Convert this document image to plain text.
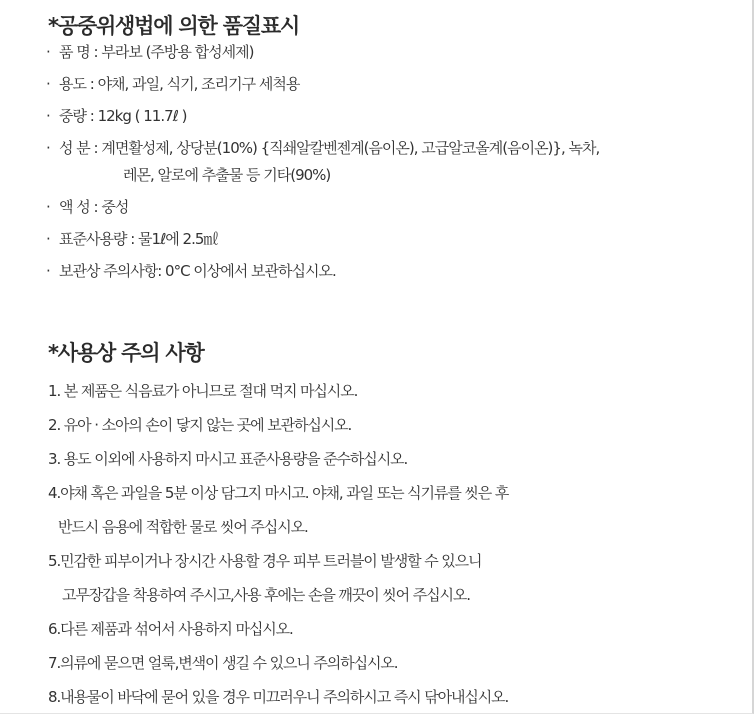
*공중위생법에 의한 품질표시
· 품 명 : 부라보 (주방용 합성세제)
· 용도 : 야채, 과일, 식기, 조리기구 세척용
· 중량 : 12kg ( 11.7ℓ )
· 성 분 : 계면활성제, 상당분(10%) {직쇄알칼벤젠계(음이온), 고급알코올계(음이온)}, 녹차,
레몬, 알로에 추출물 등 기타(90%)
· 액 성 : 중성
· 표준사용량 : 물1ℓ에 2.5㎖
· 보관상 주의사항: 0°C 이상에서 보관하십시오.
*사용상 주의 사항
1. 본 제품은 식음료가 아니므로 절대 먹지 마십시오.
2. 유아 · 소아의 손이 닿지 않는 곳에 보관하십시오.
3. 용도 이외에 사용하지 마시고 표준사용량을 준수하십시오.
4.야채 혹은 과일을 5분 이상 담그지 마시고. 야채, 과일 또는 식기류를 씻은 후
반드시 음용에 적합한 물로 씻어 주십시오.
5.민감한 피부이거나 장시간 사용할 경우 피부 트러블이 발생할 수 있으니
고무장갑을 착용하여 주시고,사용 후에는 손을 깨끗이 씻어 주십시오.
6.다른 제품과 섞어서 사용하지 마십시오.
7.의류에 묻으면 얼룩,변색이 생길 수 있으니 주의하십시오.
8.내용물이 바닥에 묻어 있을 경우 미끄러우니 주의하시고 즉시 닦아내십시오.
